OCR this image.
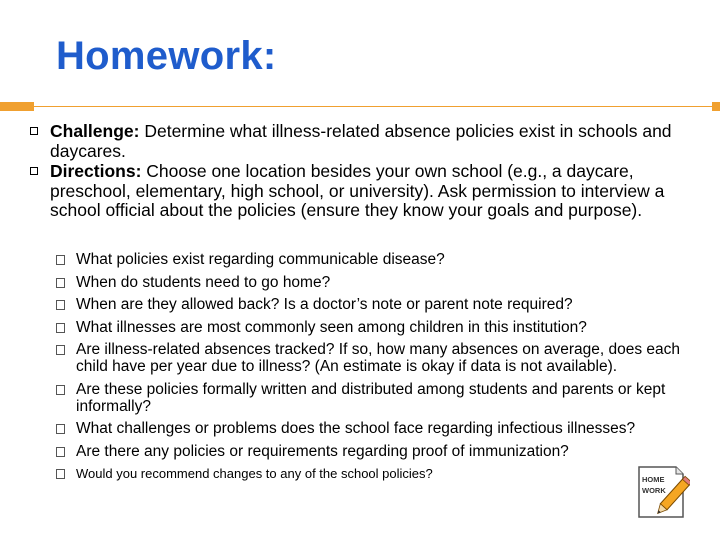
Homework:
Challenge: Determine what illness-related absence policies exist in schools and daycares.
Directions: Choose one location besides your own school (e.g., a daycare, preschool, elementary, high school, or university). Ask permission to interview a school official about the policies (ensure they know your goals and purpose).
What policies exist regarding communicable disease?
When do students need to go home?
When are they allowed back? Is a doctor’s note or parent note required?
What illnesses are most commonly seen among children in this institution?
Are illness-related absences tracked? If so, how many absences on average, does each child have per year due to illness? (An estimate is okay if data is not available).
Are these policies formally written and distributed among students and parents or kept informally?
What challenges or problems does the school face regarding infectious illnesses?
Are there any policies or requirements regarding proof of immunization?
Would you recommend changes to any of the school policies?	HOME
WORK
